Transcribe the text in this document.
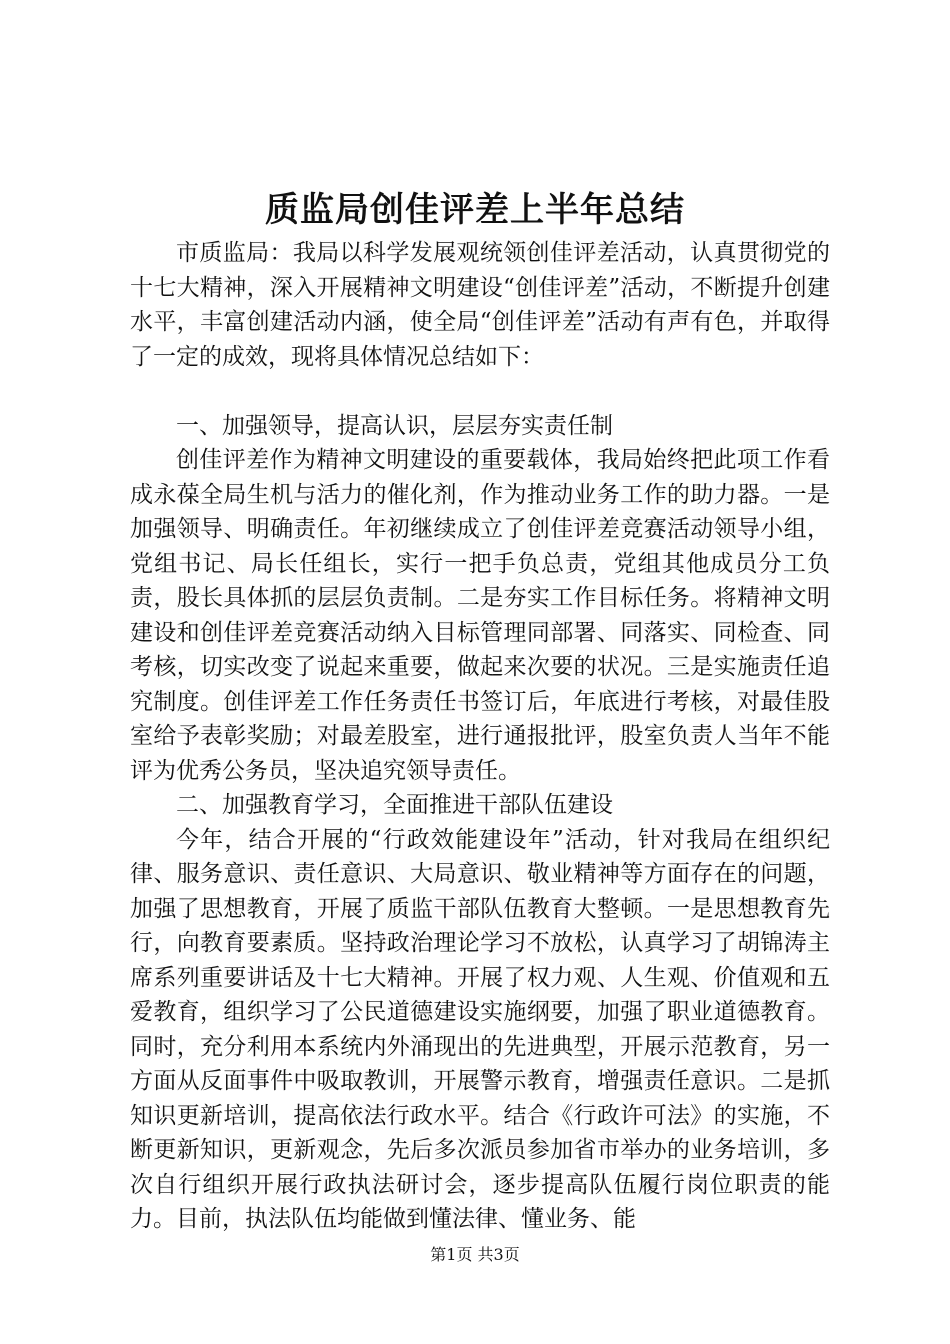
质监局创佳评差上半年总结

市质监局：我局以科学发展观统领创佳评差活动，认真贯彻党的十七大精神，深入开展精神文明建设“创佳评差”活动，不断提升创建水平，丰富创建活动内涵，使全局“创佳评差”活动有声有色，并取得了一定的成效，现将具体情况总结如下：

一、加强领导，提高认识，层层夯实责任制

创佳评差作为精神文明建设的重要载体，我局始终把此项工作看成永葆全局生机与活力的催化剂，作为推动业务工作的助力器。一是加强领导、明确责任。年初继续成立了创佳评差竞赛活动领导小组，党组书记、局长任组长，实行一把手负总责，党组其他成员分工负责，股长具体抓的层层负责制。二是夯实工作目标任务。将精神文明建设和创佳评差竞赛活动纳入目标管理同部署、同落实、同检查、同考核，切实改变了说起来重要，做起来次要的状况。三是实施责任追究制度。创佳评差工作任务责任书签订后，年底进行考核，对最佳股室给予表彰奖励；对最差股室，进行通报批评，股室负责人当年不能评为优秀公务员，坚决追究领导责任。

二、加强教育学习，全面推进干部队伍建设

今年，结合开展的“行政效能建设年”活动，针对我局在组织纪律、服务意识、责任意识、大局意识、敬业精神等方面存在的问题，加强了思想教育，开展了质监干部队伍教育大整顿。一是思想教育先行，向教育要素质。坚持政治理论学习不放松，认真学习了胡锦涛主席系列重要讲话及十七大精神。开展了权力观、人生观、价值观和五爱教育，组织学习了公民道德建设实施纲要，加强了职业道德教育。同时，充分利用本系统内外涌现出的先进典型，开展示范教育，另一方面从反面事件中吸取教训，开展警示教育，增强责任意识。二是抓知识更新培训，提高依法行政水平。结合《行政许可法》的实施，不断更新知识，更新观念，先后多次派员参加省市举办的业务培训，多次自行组织开展行政执法研讨会，逐步提高队伍履行岗位职责的能力。目前，执法队伍均能做到懂法律、懂业务、能

第1页 共3页
